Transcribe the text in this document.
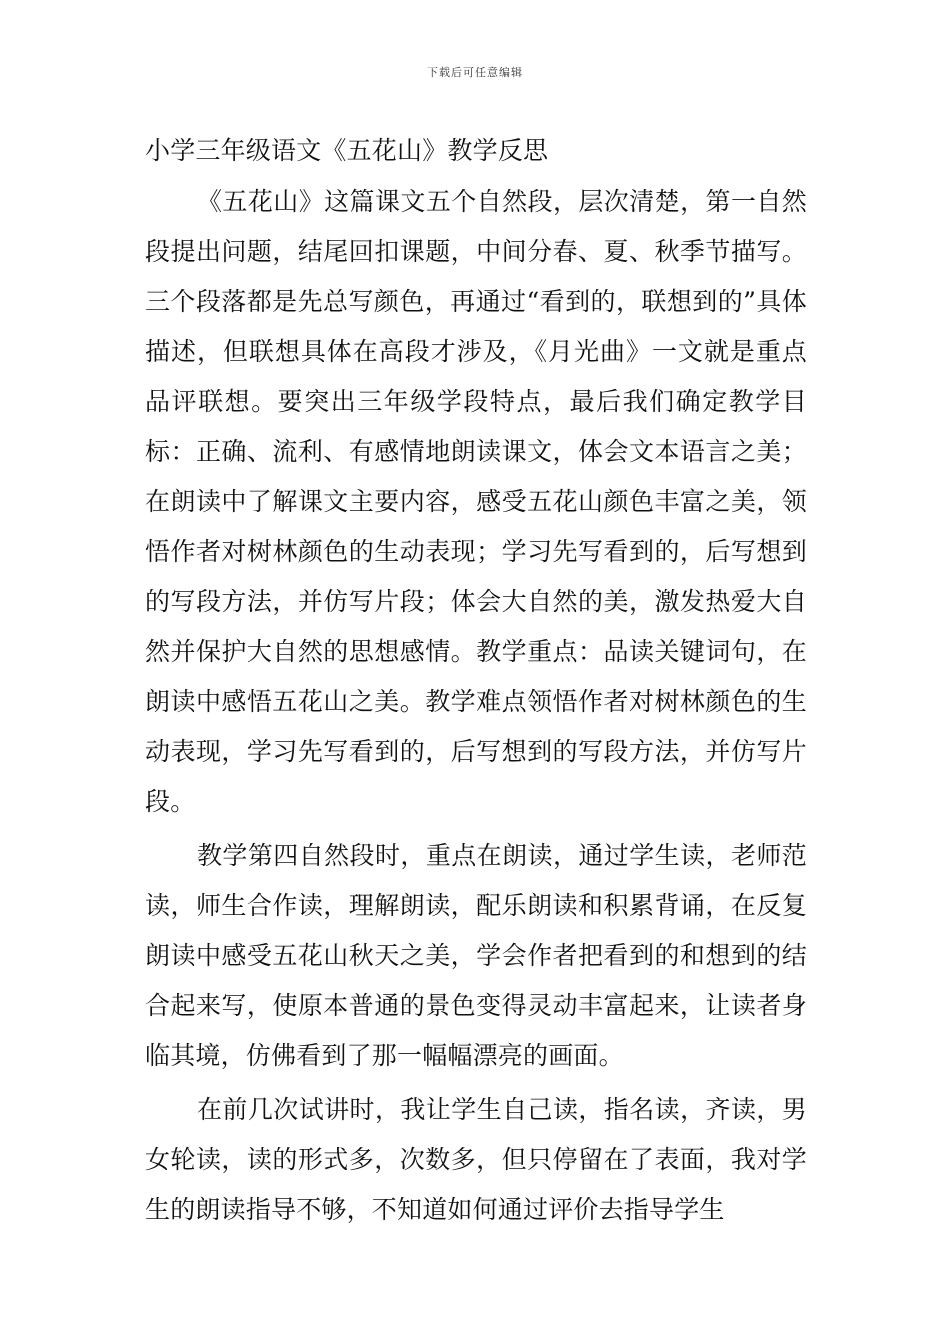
下载后可任意编辑
小学三年级语文《五花山》教学反思

《五花山》这篇课文五个自然段，层次清楚，第一自然段提出问题，结尾回扣课题，中间分春、夏、秋季节描写。三个段落都是先总写颜色，再通过“看到的，联想到的”具体描述，但联想具体在高段才涉及，《月光曲》一文就是重点品评联想。要突出三年级学段特点，最后我们确定教学目标：正确、流利、有感情地朗读课文，体会文本语言之美；在朗读中了解课文主要内容，感受五花山颜色丰富之美，领悟作者对树林颜色的生动表现；学习先写看到的，后写想到的写段方法，并仿写片段；体会大自然的美，激发热爱大自然并保护大自然的思想感情。教学重点：品读关键词句，在朗读中感悟五花山之美。教学难点领悟作者对树林颜色的生动表现，学习先写看到的，后写想到的写段方法，并仿写片段。

教学第四自然段时，重点在朗读，通过学生读，老师范读，师生合作读，理解朗读，配乐朗读和积累背诵，在反复朗读中感受五花山秋天之美，学会作者把看到的和想到的结合起来写，使原本普通的景色变得灵动丰富起来，让读者身临其境，仿佛看到了那一幅幅漂亮的画面。

在前几次试讲时，我让学生自己读，指名读，齐读，男女轮读，读的形式多，次数多，但只停留在了表面，我对学生的朗读指导不够，不知道如何通过评价去指导学生
